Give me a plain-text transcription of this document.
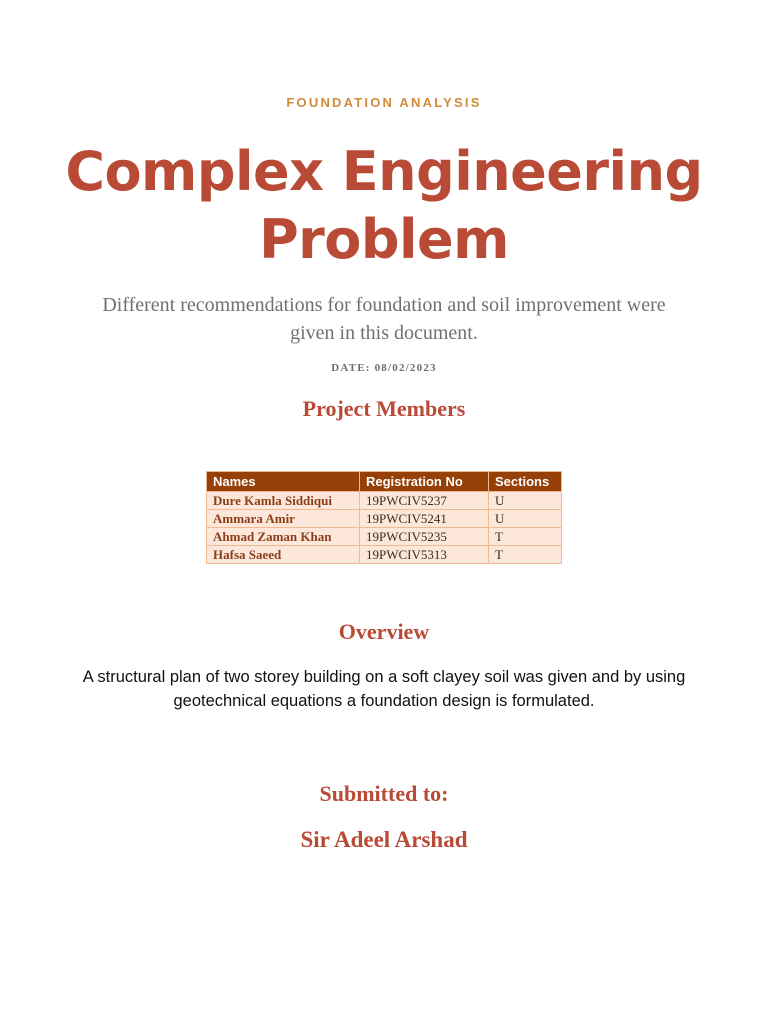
FOUNDATION ANALYSIS
Complex Engineering Problem
Different recommendations for foundation and soil improvement were given in this document.
DATE: 08/02/2023
Project Members
Names	Registration No	Sections
Dure Kamla Siddiqui	19PWCIV5237	U
Ammara Amir	19PWCIV5241	U
Ahmad Zaman Khan	19PWCIV5235	T
Hafsa Saeed	19PWCIV5313	T
Overview
A structural plan of two storey building on a soft clayey soil was given and by using geotechnical equations a foundation design is formulated.
Submitted to:
Sir Adeel Arshad
